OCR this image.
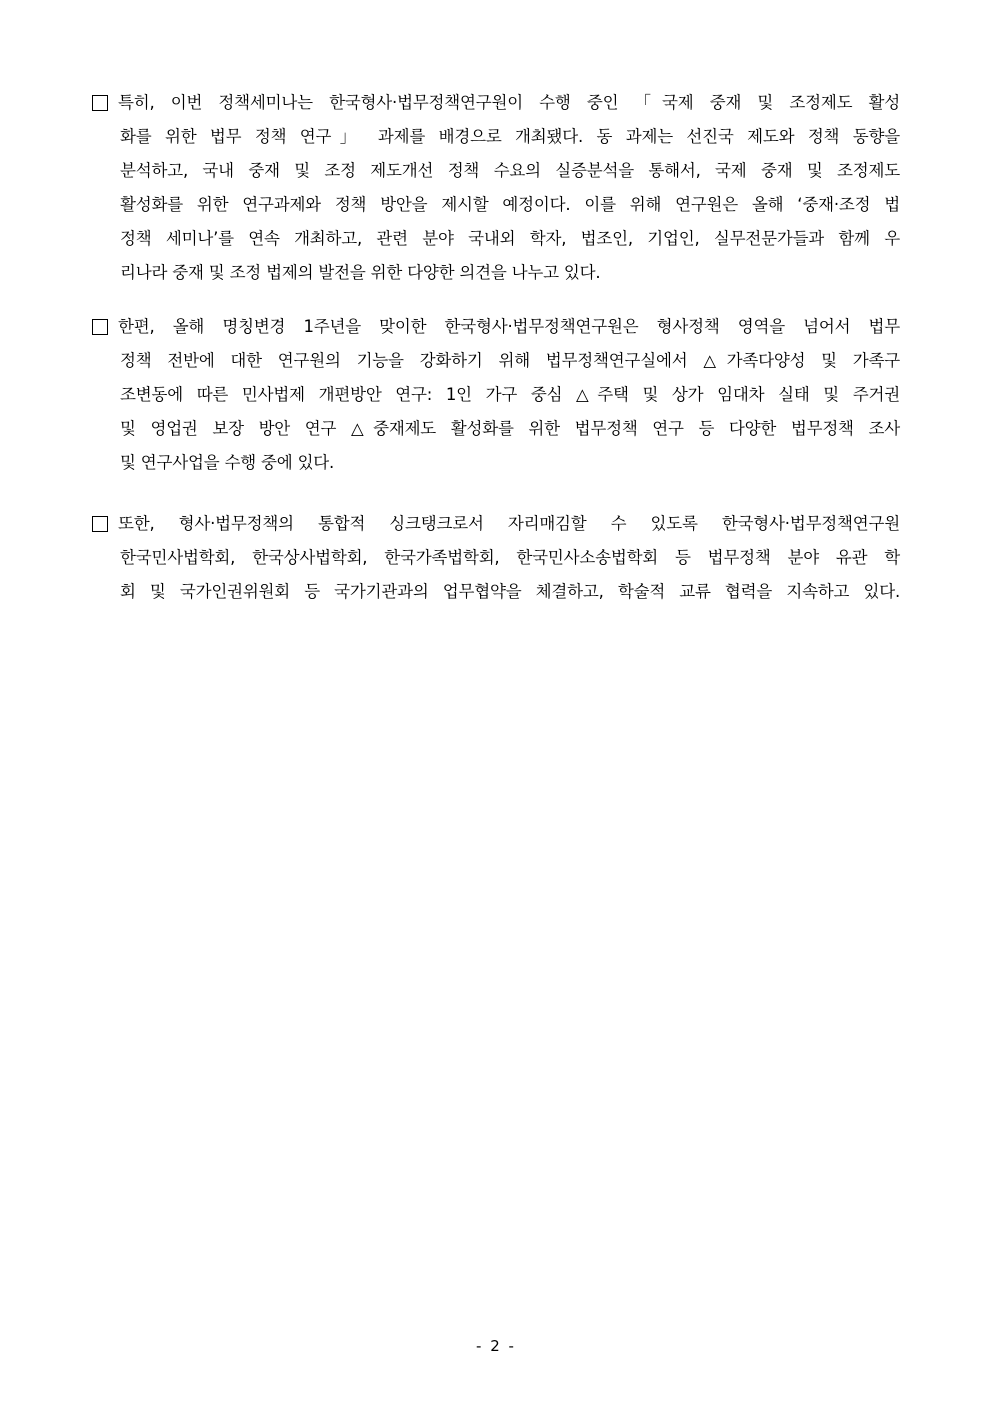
특히, 이번 정책세미나는 한국형사·법무정책연구원이 수행 중인 「국제 중재 및 조정제도 활성
화를 위한 법무 정책 연구」 과제를 배경으로 개최됐다. 동 과제는 선진국 제도와 정책 동향을
분석하고, 국내 중재 및 조정 제도개선 정책 수요의 실증분석을 통해서, 국제 중재 및 조정제도
활성화를 위한 연구과제와 정책 방안을 제시할 예정이다. 이를 위해 연구원은 올해 ‘중재·조정 법
정책 세미나’를 연속 개최하고, 관련 분야 국내외 학자, 법조인, 기업인, 실무전문가들과 함께 우
리나라 중재 및 조정 법제의 발전을 위한 다양한 의견을 나누고 있다.
한편, 올해 명칭변경 1주년을 맞이한 한국형사·법무정책연구원은 형사정책 영역을 넘어서 법무
정책 전반에 대한 연구원의 기능을 강화하기 위해 법무정책연구실에서 △가족다양성 및 가족구
조변동에 따른 민사법제 개편방안 연구: 1인 가구 중심 △주택 및 상가 임대차 실태 및 주거권
및 영업권 보장 방안 연구 △중재제도 활성화를 위한 법무정책 연구 등 다양한 법무정책 조사
및 연구사업을 수행 중에 있다.
또한, 형사·법무정책의 통합적 싱크탱크로서 자리매김할 수 있도록 한국형사·법무정책연구원
한국민사법학회, 한국상사법학회, 한국가족법학회, 한국민사소송법학회 등 법무정책 분야 유관 학
회 및 국가인권위원회 등 국가기관과의 업무협약을 체결하고, 학술적 교류 협력을 지속하고 있다.
- 2 -
